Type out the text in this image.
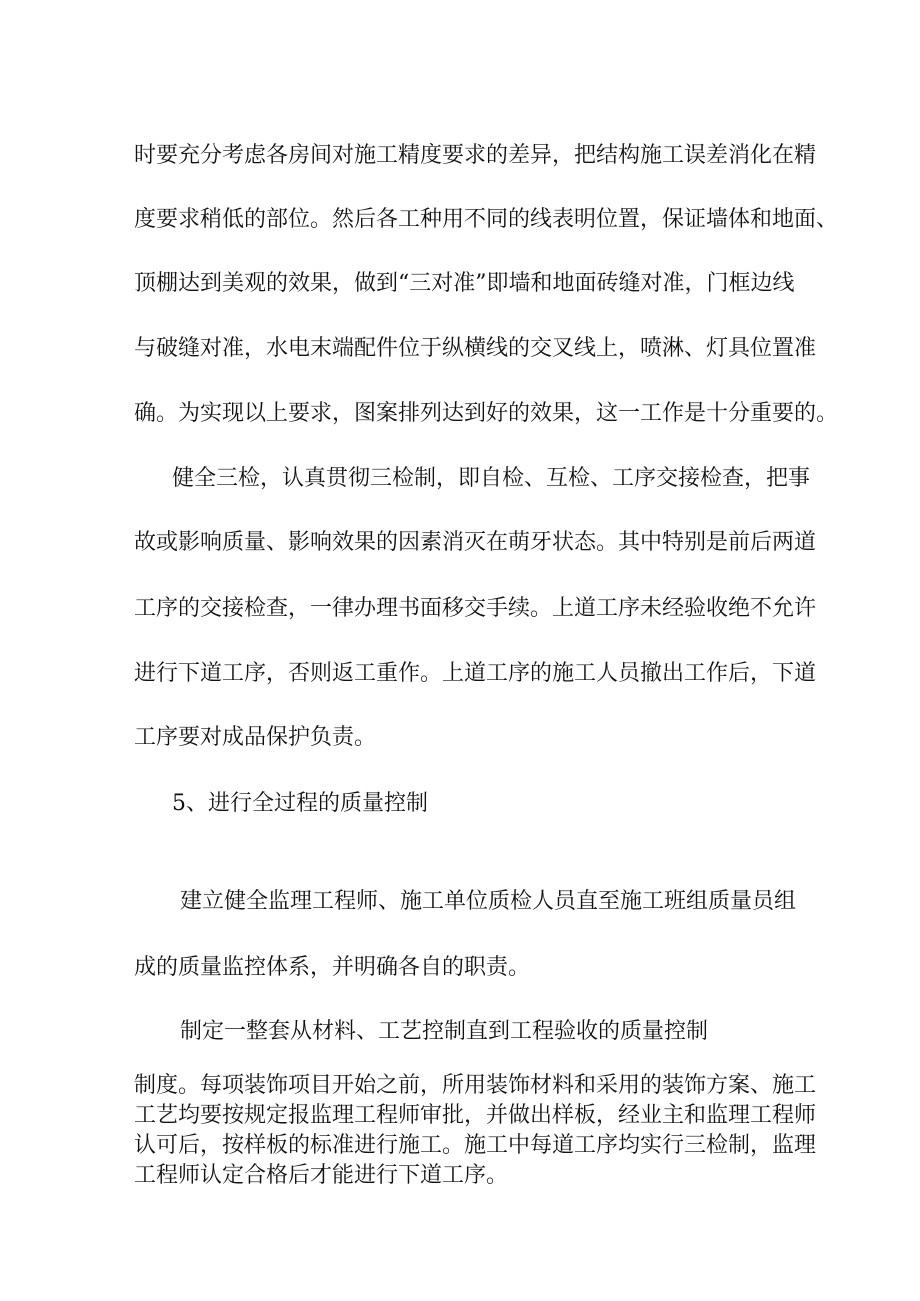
时要充分考虑各房间对施工精度要求的差异，把结构施工误差消化在精
度要求稍低的部位。然后各工种用不同的线表明位置，保证墙体和地面、
顶棚达到美观的效果，做到“三对准”即墙和地面砖缝对准，门框边线
与破缝对准，水电末端配件位于纵横线的交叉线上，喷淋、灯具位置准
确。为实现以上要求，图案排列达到好的效果，这一工作是十分重要的。
健全三检，认真贯彻三检制，即自检、互检、工序交接检查，把事
故或影响质量、影响效果的因素消灭在萌牙状态。其中特别是前后两道
工序的交接检查，一律办理书面移交手续。上道工序未经验收绝不允许
进行下道工序，否则返工重作。上道工序的施工人员撤出工作后，下道
工序要对成品保护负责。
5、进行全过程的质量控制
建立健全监理工程师、施工单位质检人员直至施工班组质量员组
成的质量监控体系，并明确各自的职责。
制定一整套从材料、工艺控制直到工程验收的质量控制
制度。每项装饰项目开始之前，所用装饰材料和采用的装饰方案、施工
工艺均要按规定报监理工程师审批，并做出样板，经业主和监理工程师
认可后，按样板的标准进行施工。施工中每道工序均实行三检制，监理
工程师认定合格后才能进行下道工序。
